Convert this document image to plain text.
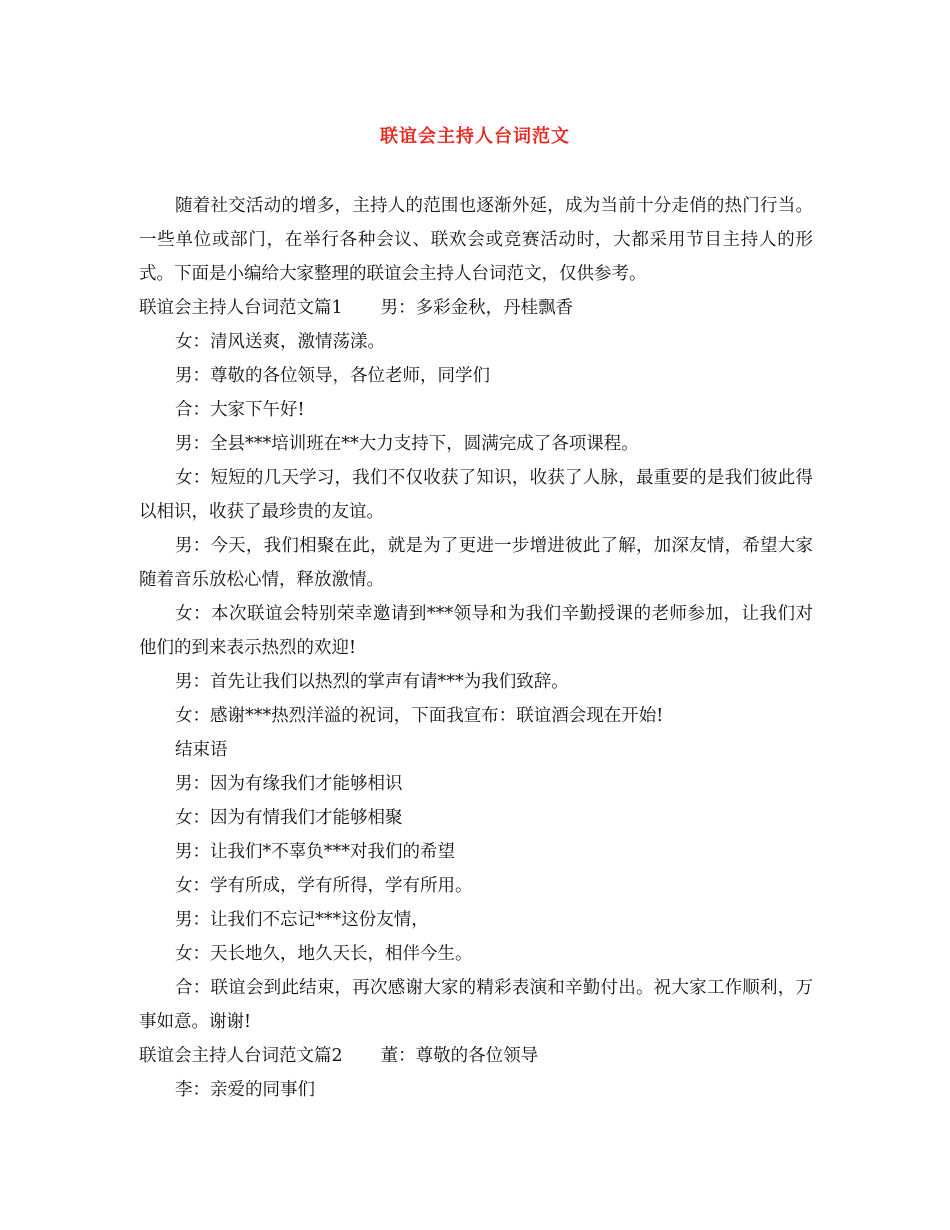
联谊会主持人台词范文

随着社交活动的增多，主持人的范围也逐渐外延，成为当前十分走俏的热门行当。一些单位或部门，在举行各种会议、联欢会或竞赛活动时，大都采用节目主持人的形式。下面是小编给大家整理的联谊会主持人台词范文，仅供参考。

联谊会主持人台词范文篇1 男：多彩金秋，丹桂飘香

女：清风送爽，激情荡漾。

男：尊敬的各位领导，各位老师，同学们

合：大家下午好!

男：全县***培训班在**大力支持下，圆满完成了各项课程。

女：短短的几天学习，我们不仅收获了知识，收获了人脉，最重要的是我们彼此得以相识，收获了最珍贵的友谊。

男：今天，我们相聚在此，就是为了更进一步增进彼此了解，加深友情，希望大家随着音乐放松心情，释放激情。

女：本次联谊会特别荣幸邀请到***领导和为我们辛勤授课的老师参加，让我们对他们的到来表示热烈的欢迎!

男：首先让我们以热烈的掌声有请***为我们致辞。

女：感谢***热烈洋溢的祝词，下面我宣布：联谊酒会现在开始!

结束语

男：因为有缘我们才能够相识

女：因为有情我们才能够相聚

男：让我们*不辜负***对我们的希望

女：学有所成，学有所得，学有所用。

男：让我们不忘记***这份友情，

女：天长地久，地久天长，相伴今生。

合：联谊会到此结束，再次感谢大家的精彩表演和辛勤付出。祝大家工作顺利，万事如意。谢谢!

联谊会主持人台词范文篇2 董：尊敬的各位领导

李：亲爱的同事们
